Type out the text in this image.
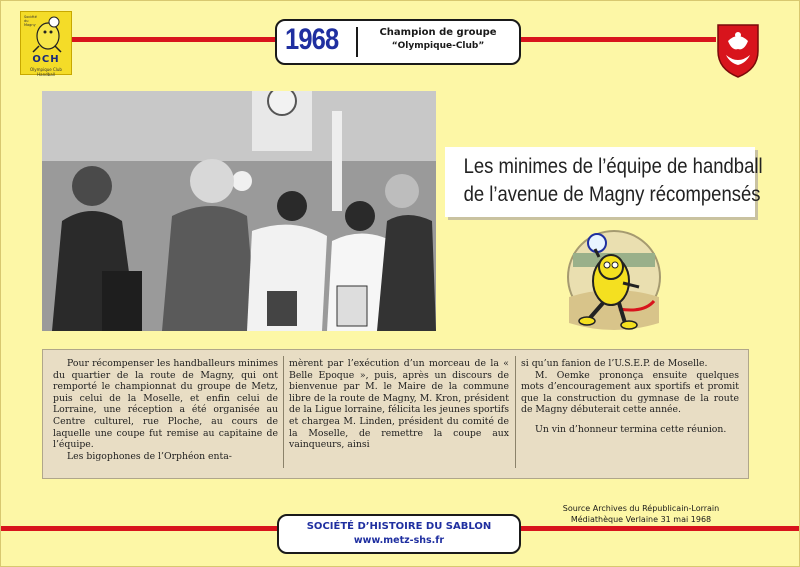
Société du Magny
OCH
Olympique Club Handball
1968	Champion de groupe
“Olympique-Club”
Les minimes de l’équipe de handball
de l’avenue de Magny récompensés

Pour récompenser les handballeurs minimes du quartier de la route de Magny, qui ont remporté le championnat du groupe de Metz, puis celui de la Moselle, et enfin celui de Lorraine, une réception a été organisée au Centre culturel, rue Ploche, au cours de laquelle une coupe fut remise au capitaine de l’équipe.

Les bigophones de l’Orphéon enta-

mèrent par l’exécution d’un morceau de la « Belle Epoque », puis, après un discours de bienvenue par M. le Maire de la commune libre de la route de Magny, M. Kron, président de la Ligue lorraine, félicita les jeunes sportifs et chargea M. Linden, président du comité de la Moselle, de remettre la coupe aux vainqueurs, ainsi

si qu’un fanion de l’U.S.E.P. de Moselle.

M. Oemke prononça ensuite quelques mots d’encouragement aux sportifs et promit que la construction du gymnase de la route de Magny débuterait cette année.

Un vin d’honneur termina cette réunion.

Source Archives du Républicain-Lorrain
Médiathèque Verlaine 31 mai 1968
SOCIÉTÉ D’HISTOIRE DU SABLON
www.metz-shs.fr
